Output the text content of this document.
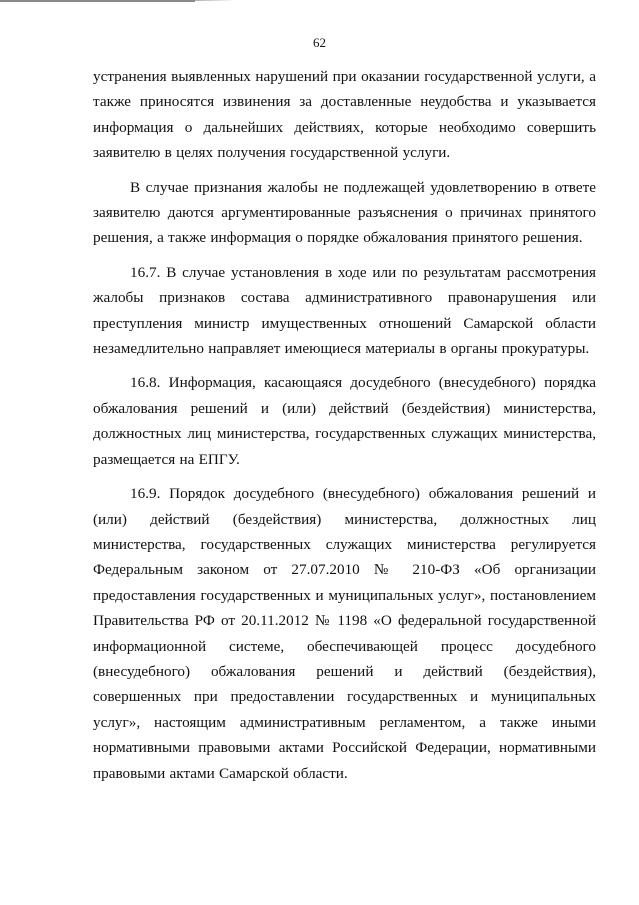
62

устранения выявленных нарушений при оказании государственной услуги, а также приносятся извинения за доставленные неудобства и указывается информация о дальнейших действиях, которые необходимо совершить заявителю в целях получения государственной услуги.

В случае признания жалобы не подлежащей удовлетворению в ответе заявителю даются аргументированные разъяснения о причинах принятого решения, а также информация о порядке обжалования принятого решения.

16.7. В случае установления в ходе или по результатам рассмотрения жалобы признаков состава административного правонарушения или преступления министр имущественных отношений Самарской области незамедлительно направляет имеющиеся материалы в органы прокуратуры.

16.8. Информация, касающаяся досудебного (внесудебного) порядка обжалования решений и (или) действий (бездействия) министерства, должностных лиц министерства, государственных служащих министерства, размещается на ЕПГУ.

16.9. Порядок досудебного (внесудебного) обжалования решений и (или) действий (бездействия) министерства, должностных лиц министерства, государственных служащих министерства регулируется Федеральным законом от 27.07.2010 № 210-ФЗ «Об организации предоставления государственных и муниципальных услуг», постановлением Правительства РФ от 20.11.2012 № 1198 «О федеральной государственной информационной системе, обеспечивающей процесс досудебного (внесудебного) обжалования решений и действий (бездействия), совершенных при предоставлении государственных и муниципальных услуг», настоящим административным регламентом, а также иными нормативными правовыми актами Российской Федерации, нормативными правовыми актами Самарской области.
